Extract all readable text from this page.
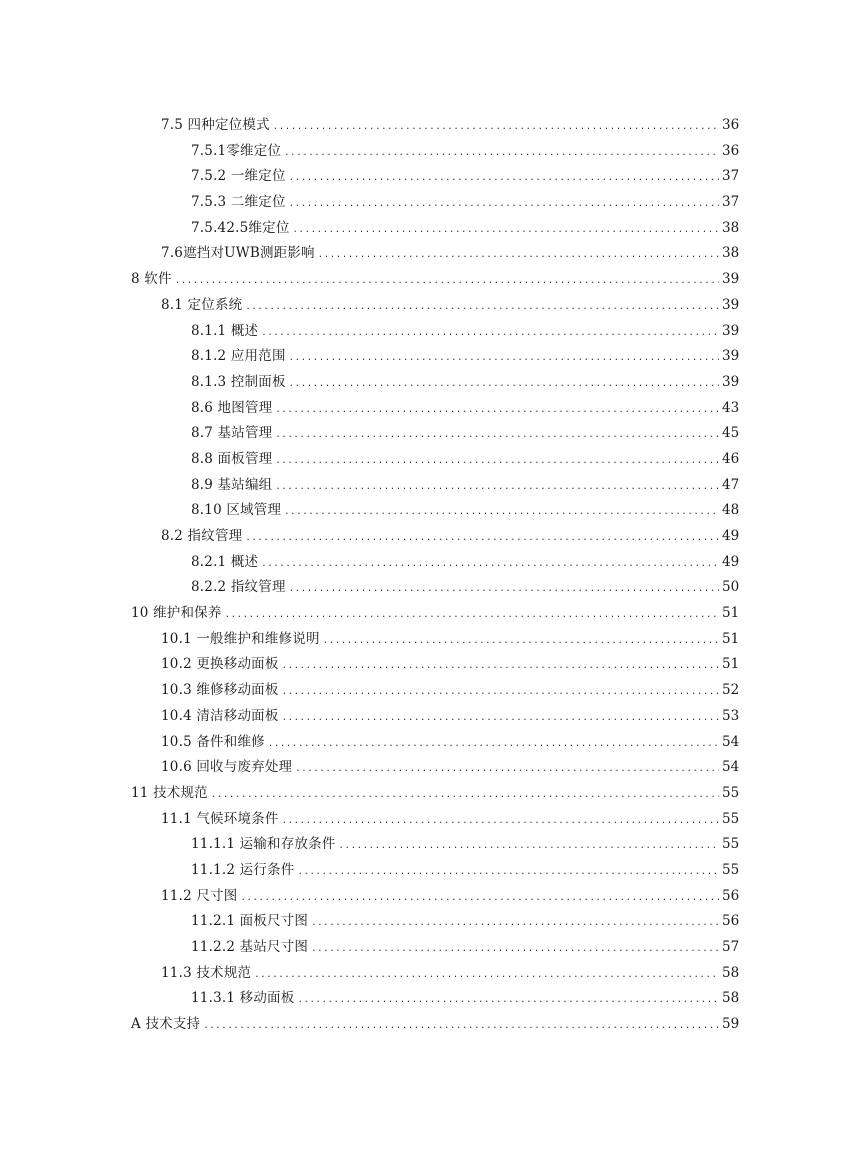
7.5 四种定位模式 .....	36
7.5.1零维定位 .....	36
7.5.2 一维定位 .....	37
7.5.3 二维定位 .....	37
7.5.42.5维定位 .....	38
7.6遮挡对UWB测距影响 .....	38
8 软件 .....	39
8.1 定位系统 .....	39
8.1.1 概述 .....	39
8.1.2 应用范围 .....	39
8.1.3 控制面板 .....	39
8.6 地图管理 .....	43
8.7 基站管理 .....	45
8.8 面板管理 .....	46
8.9 基站编组 .....	47
8.10 区域管理 .....	48
8.2 指纹管理 .....	49
8.2.1 概述 .....	49
8.2.2 指纹管理 .....	50
10 维护和保养 .....	51
10.1 一般维护和维修说明 .....	51
10.2 更换移动面板 .....	51
10.3 维修移动面板 .....	52
10.4 清洁移动面板 .....	53
10.5 备件和维修 .....	54
10.6 回收与废弃处理 .....	54
11 技术规范 .....	55
11.1 气候环境条件 .....	55
11.1.1 运输和存放条件 .....	55
11.1.2 运行条件 .....	55
11.2 尺寸图 .....	56
11.2.1 面板尺寸图 .....	56
11.2.2 基站尺寸图 .....	57
11.3 技术规范 .....	58
11.3.1 移动面板 .....	58
A 技术支持 .....	59
